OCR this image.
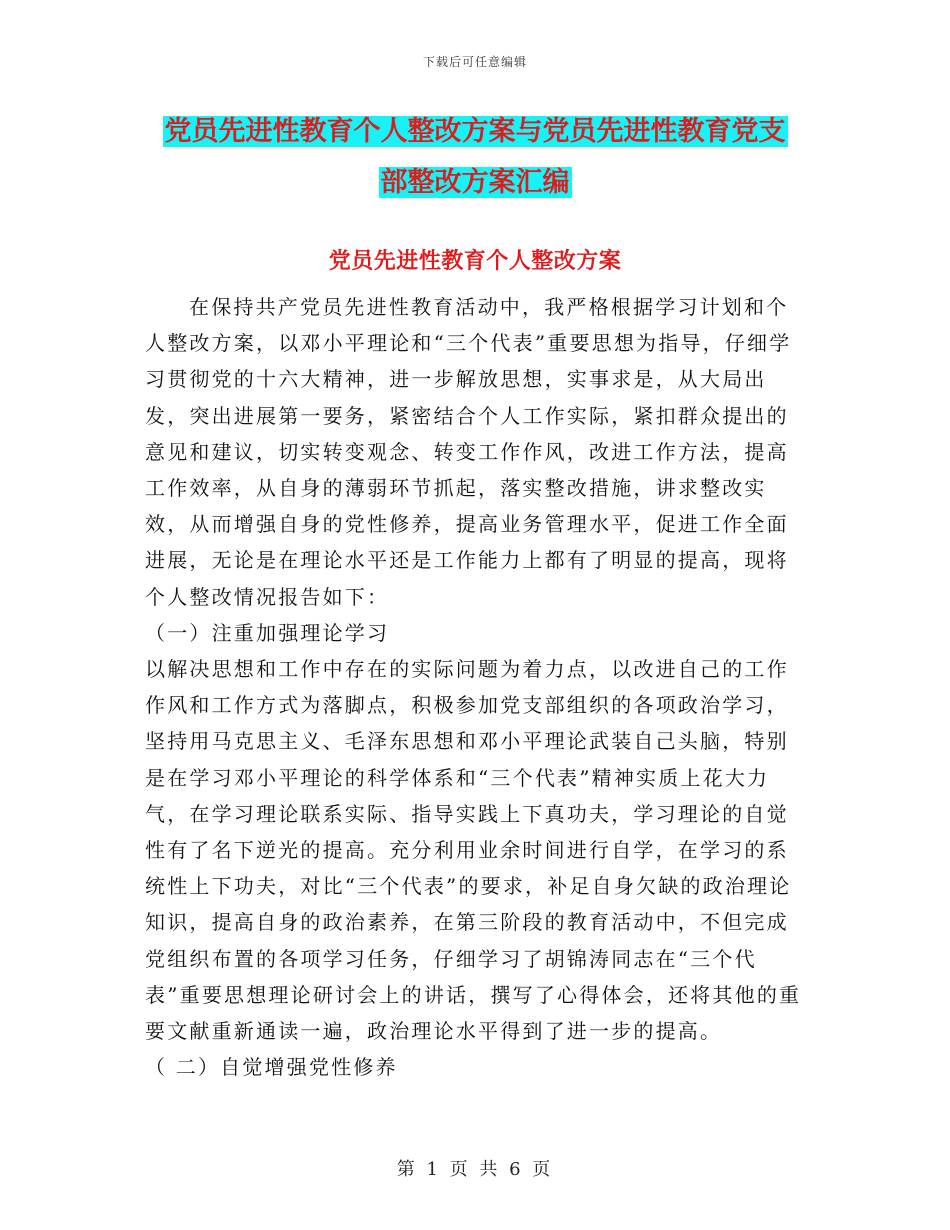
下载后可任意编辑
党员先进性教育个人整改方案与党员先进性教育党支
部整改方案汇编
党员先进性教育个人整改方案

在保持共产党员先进性教育活动中，我严格根据学习计划和个人整改方案，以邓小平理论和“三个代表”重要思想为指导，仔细学习贯彻党的十六大精神，进一步解放思想，实事求是，从大局出发，突出进展第一要务，紧密结合个人工作实际，紧扣群众提出的意见和建议，切实转变观念、转变工作作风，改进工作方法，提高工作效率，从自身的薄弱环节抓起，落实整改措施，讲求整改实效，从而增强自身的党性修养，提高业务管理水平，促进工作全面进展，无论是在理论水平还是工作能力上都有了明显的提高，现将个人整改情况报告如下：

（一）注重加强理论学习

以解决思想和工作中存在的实际问题为着力点，以改进自己的工作作风和工作方式为落脚点，积极参加党支部组织的各项政治学习，坚持用马克思主义、毛泽东思想和邓小平理论武装自己头脑，特别是在学习邓小平理论的科学体系和“三个代表”精神实质上花大力气，在学习理论联系实际、指导实践上下真功夫，学习理论的自觉性有了名下逆光的提高。充分利用业余时间进行自学，在学习的系统性上下功夫，对比“三个代表”的要求，补足自身欠缺的政治理论知识，提高自身的政治素养，在第三阶段的教育活动中，不但完成党组织布置的各项学习任务，仔细学习了胡锦涛同志在“三个代表”重要思想理论研讨会上的讲话，撰写了心得体会，还将其他的重要文献重新通读一遍，政治理论水平得到了进一步的提高。

（ 二）自觉增强党性修养

第 1 页 共 6 页
